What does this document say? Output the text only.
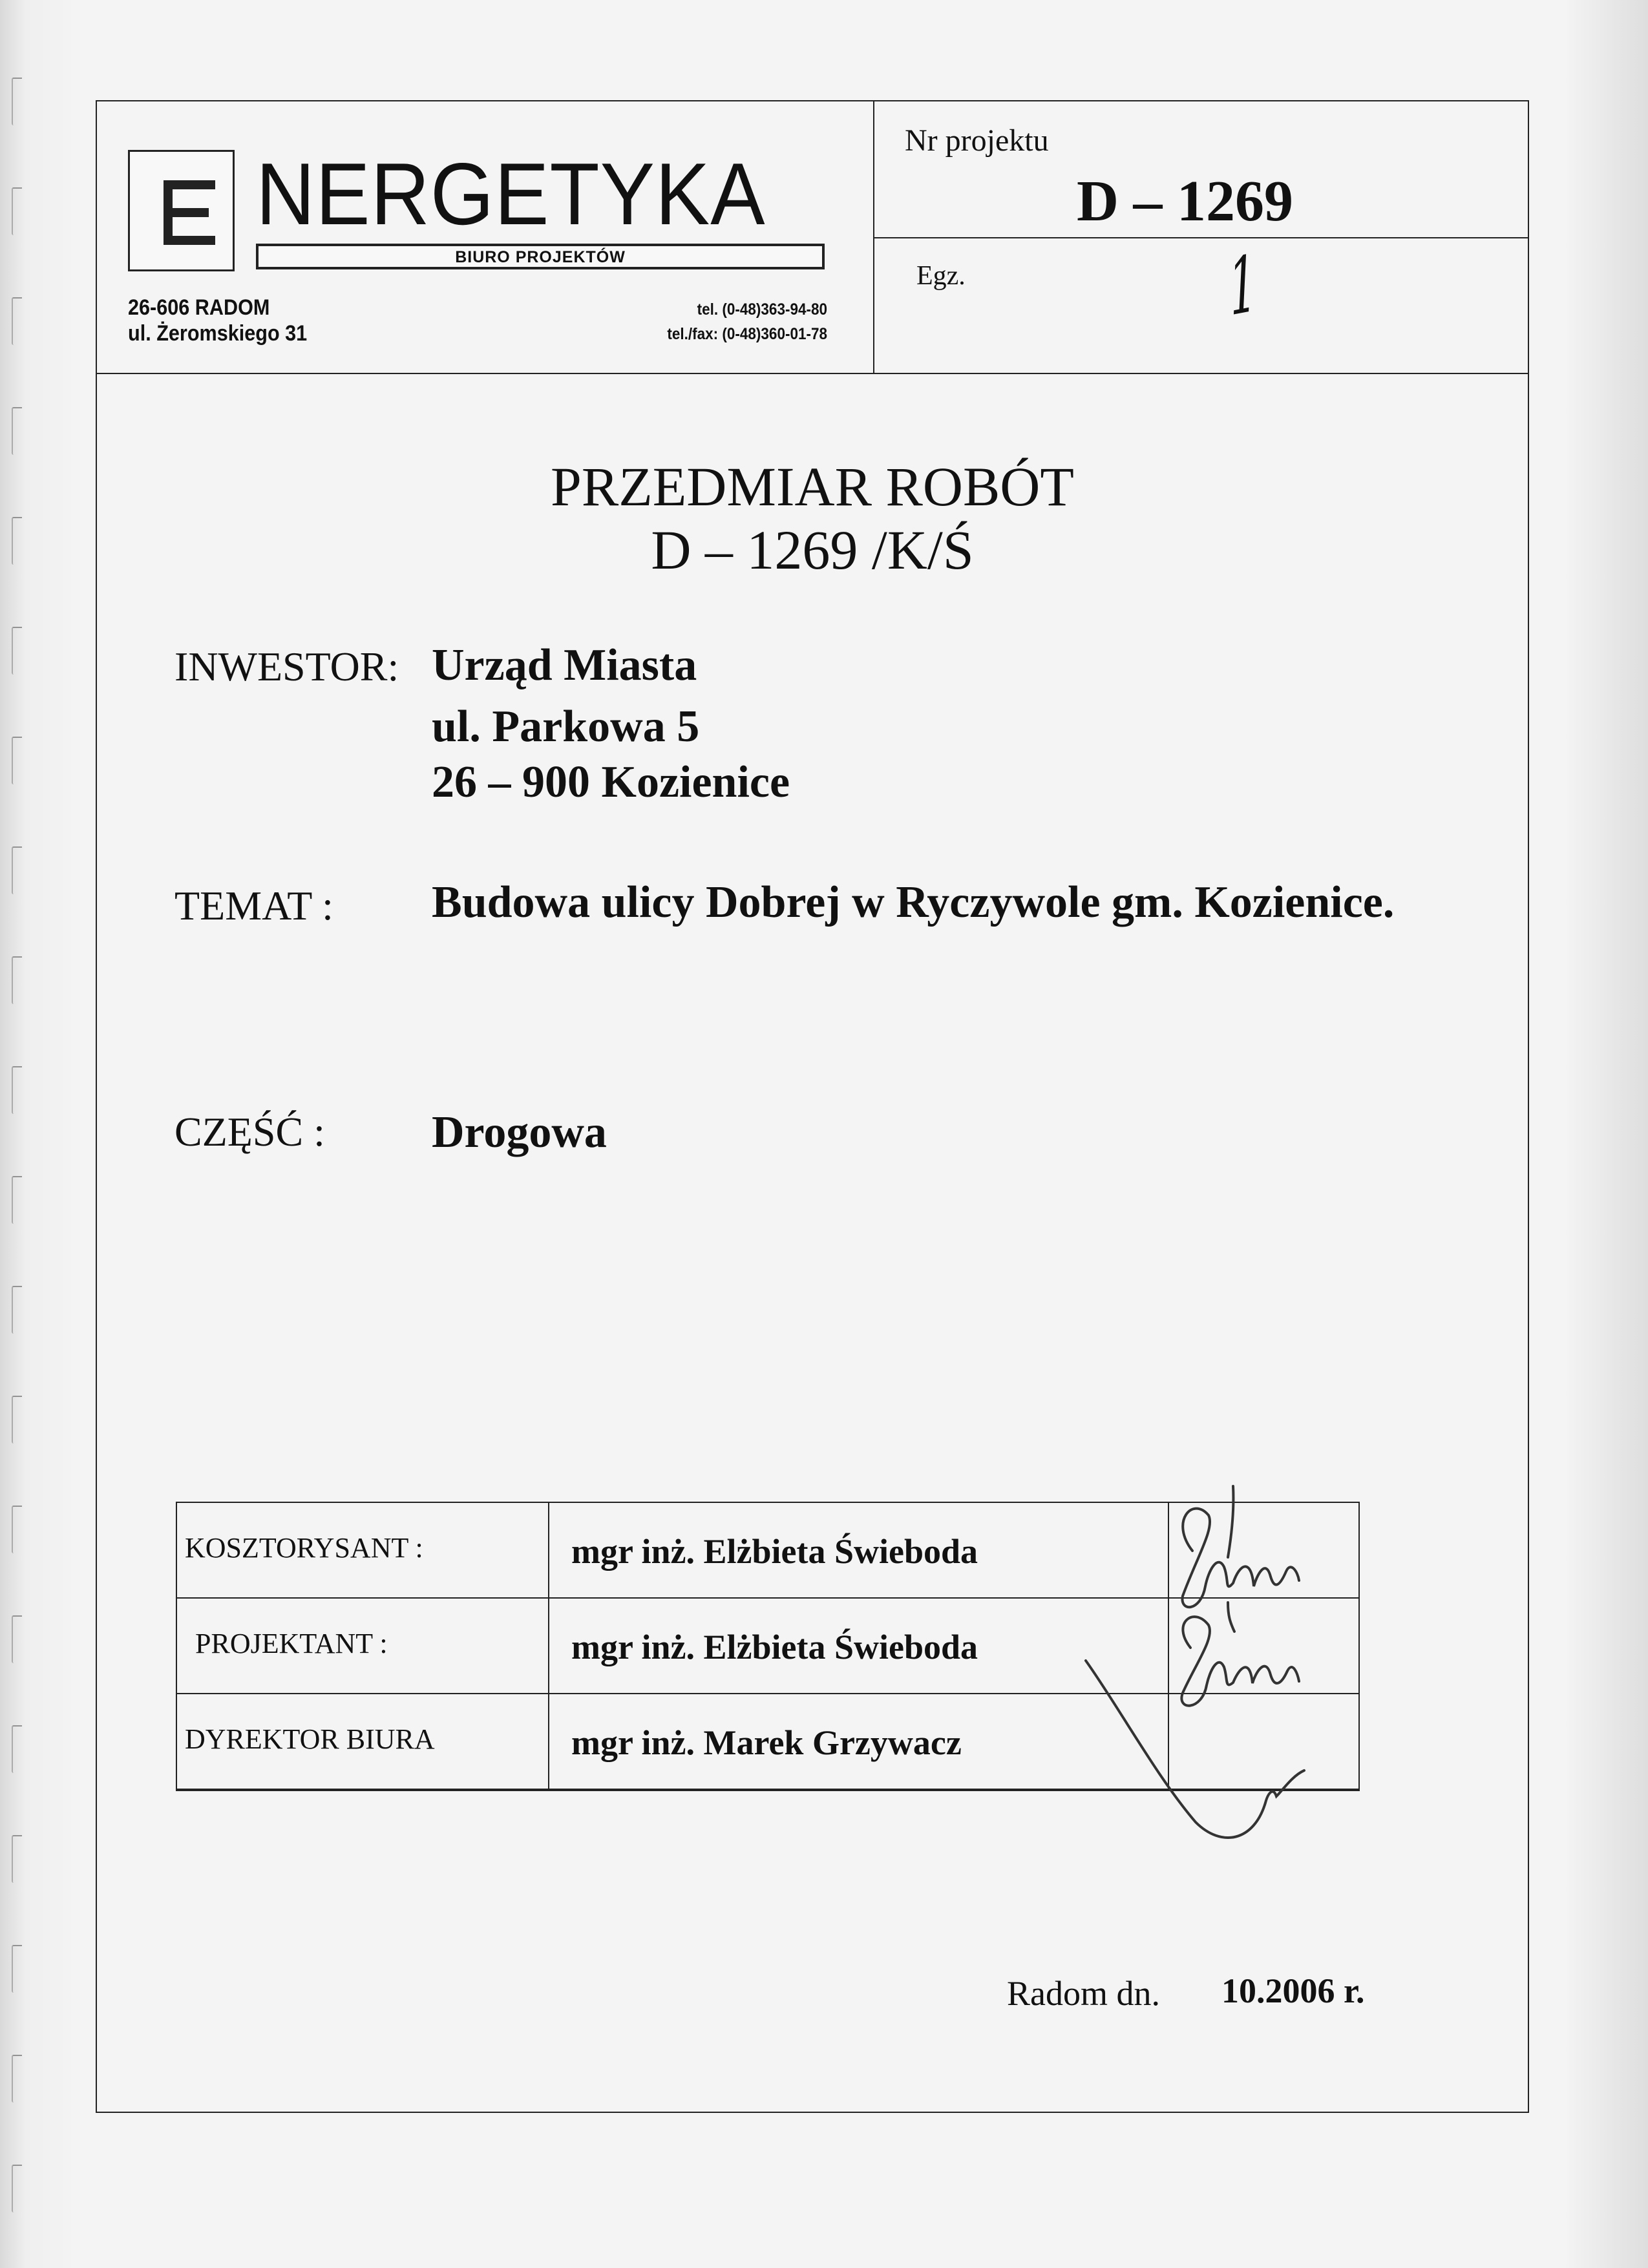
NERGETYKA
BIURO PROJEKTÓW
26-606 RADOM
ul. Żeromskiego 31
tel. (0-48)363-94-80
tel./fax: (0-48)360-01-78
Nr projektu
D – 1269
Egz.	1
PRZEDMIAR ROBÓT
D – 1269 /K/Ś
INWESTOR: Urząd Miasta
ul. Parkowa 5
26 – 900 Kozienice
TEMAT : Budowa ulicy Dobrej w Ryczywole gm. Kozienice.
CZĘŚĆ : Drogowa
KOSZTORYSANT :	mgr inż. Elżbieta Świeboda
PROJEKTANT :	mgr inż. Elżbieta Świeboda
DYREKTOR BIURA	mgr inż. Marek Grzywacz
Radom dn. 10.2006 r.
